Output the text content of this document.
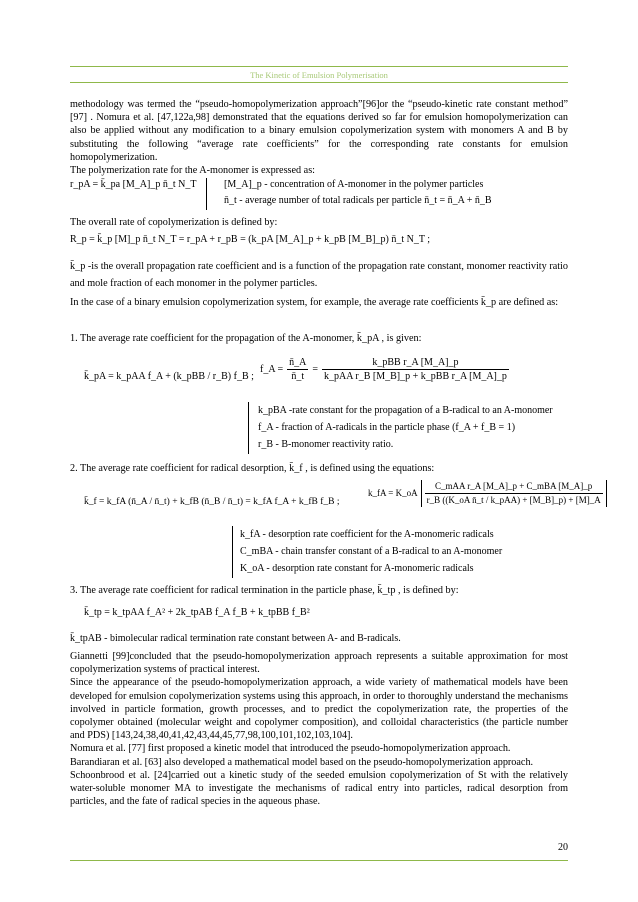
The Kinetic of Emulsion Polymerisation

methodology was termed the “pseudo-homopolymerization approach”[96]or the “pseudo-kinetic rate constant method” [97] . Nomura et al. [47,122a,98] demonstrated that the equations derived so far for emulsion homopolymerization can also be applied without any modification to a binary emulsion copolymerization system with monomers A and B by substituting the following “average rate coefficients” for the corresponding rate constants for emulsion homopolymerization.

The polymerization rate for the A-monomer is expressed as:

r_pA = k̄_pa [M_A]_p n̄_t N_T	[M_A]_p - concentration of A-monomer in the polymer particles
n̄_t - average number of total radicals per particle n̄_t = n̄_A + n̄_B

The overall rate of copolymerization is defined by:

R_p = k̄_p [M]_p n̄_t N_T = r_pA + r_pB = (k_pA [M_A]_p + k_pB [M_B]_p) n̄_t N_T ;

k̄_p -is the overall propagation rate coefficient and is a function of the propagation rate constant, monomer reactivity ratio and mole fraction of each monomer in the polymer particles.

In the case of a binary emulsion copolymerization system, for example, the average rate coefficients k̄_p are defined as:

1. The average rate coefficient for the propagation of the A-monomer, k̄_pA , is given:
k̄_pA = k_pAA f_A + (k_pBB / r_B) f_B ;
f_A = $\frac{n̄\_A}{n̄\_t} = \frac{\text{k\_pBB r\_A [M\_A]\_p}}{\text{k\_pAA r\_B [M\_B]\_p + k\_pBB r\_A [M\_A]\_p}}$
k_pBA -rate constant for the propagation of a B-radical to an A-monomer
f_A - fraction of A-radicals in the particle phase (f_A + f_B = 1)
r_B - B-monomer reactivity ratio.
2. The average rate coefficient for radical desorption, k̄_f , is defined using the equations:
k̄_f = k_fA (n̄_A / n̄_t) + k_fB (n̄_B / n̄_t) = k_fA f_A + k_fB f_B ;
k_fA = K_oA $\frac{\text{C\_mAA r\_A [M\_A]\_p + C\_mBA [M\_A]\_p}}{\text{r\_B ((K\_oA n̄\_t / k\_pAA) + [M\_B]\_p) + [M]\_A}}$
k_fA - desorption rate coefficient for the A-monomeric radicals
C_mBA - chain transfer constant of a B-radical to an A-monomer
K_oA - desorption rate constant for A-monomeric radicals
3. The average rate coefficient for radical termination in the particle phase, k̄_tp , is defined by:
k̄_tp = k_tpAA f_A² + 2k_tpAB f_A f_B + k_tpBB f_B²
k̄_tpAB - bimolecular radical termination rate constant between A- and B-radicals.

Giannetti [99]concluded that the pseudo-homopolymerization approach represents a suitable approximation for most copolymerization systems of practical interest.

Since the appearance of the pseudo-homopolymerization approach, a wide variety of mathematical models have been developed for emulsion copolymerization systems using this approach, in order to thoroughly understand the mechanisms involved in particle formation, growth processes, and to predict the copolymerization rate, the properties of the copolymer obtained (molecular weight and copolymer composition), and colloidal characteristics (the particle number and PDS) [143,24,38,40,41,42,43,44,45,77,98,100,101,102,103,104].

Nomura et al. [77] first proposed a kinetic model that introduced the pseudo-homopolymerization approach.

Barandiaran et al. [63] also developed a mathematical model based on the pseudo-homopolymerization approach.

Schoonbrood et al. [24]carried out a kinetic study of the seeded emulsion copolymerization of St with the relatively water-soluble monomer MA to investigate the mechanisms of radical entry into particles, radical desorption from particles, and the fate of radical species in the aqueous phase.

20
